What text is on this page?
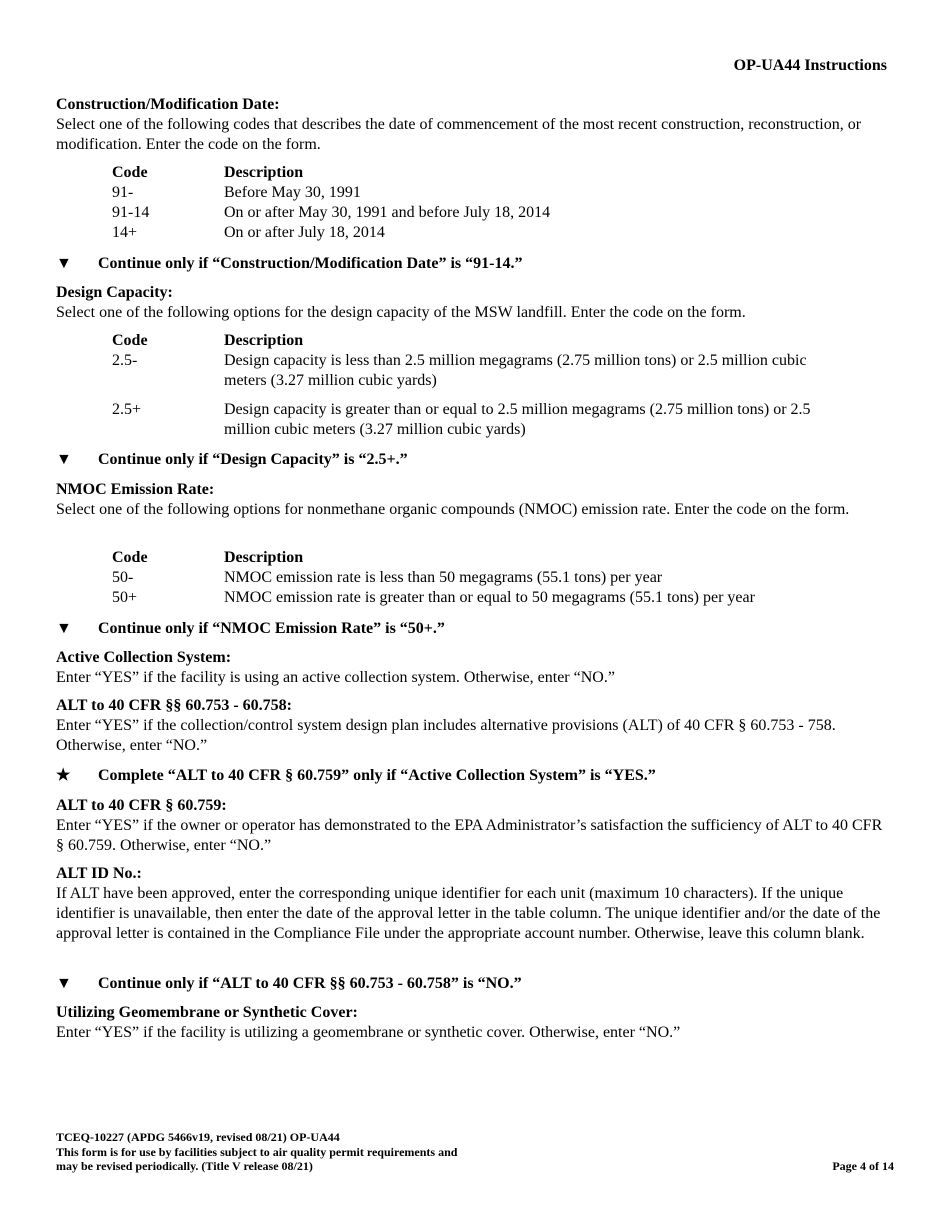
OP-UA44 Instructions
Construction/Modification Date:
Select one of the following codes that describes the date of commencement of the most recent construction, reconstruction, or modification. Enter the code on the form.
Code	Description
91-	Before May 30, 1991
91-14	On or after May 30, 1991 and before July 18, 2014
14+	On or after July 18, 2014
▼	Continue only if “Construction/Modification Date” is “91-14.”
Design Capacity:
Select one of the following options for the design capacity of the MSW landfill. Enter the code on the form.
Code	Description
2.5-	Design capacity is less than 2.5 million megagrams (2.75 million tons) or 2.5 million cubic meters (3.27 million cubic yards)
2.5+	Design capacity is greater than or equal to 2.5 million megagrams (2.75 million tons) or 2.5 million cubic meters (3.27 million cubic yards)
▼	Continue only if “Design Capacity” is “2.5+.”
NMOC Emission Rate:
Select one of the following options for nonmethane organic compounds (NMOC) emission rate. Enter the code on the form.
Code	Description
50-	NMOC emission rate is less than 50 megagrams (55.1 tons) per year
50+	NMOC emission rate is greater than or equal to 50 megagrams (55.1 tons) per year
▼	Continue only if “NMOC Emission Rate” is “50+.”
Active Collection System:
Enter “YES” if the facility is using an active collection system. Otherwise, enter “NO.”
ALT to 40 CFR §§ 60.753 - 60.758:
Enter “YES” if the collection/control system design plan includes alternative provisions (ALT) of 40 CFR § 60.753 - 758. Otherwise, enter “NO.”
★	Complete “ALT to 40 CFR § 60.759” only if “Active Collection System” is “YES.”
ALT to 40 CFR § 60.759:
Enter “YES” if the owner or operator has demonstrated to the EPA Administrator’s satisfaction the sufficiency of ALT to 40 CFR § 60.759. Otherwise, enter “NO.”
ALT ID No.:
If ALT have been approved, enter the corresponding unique identifier for each unit (maximum 10 characters). If the unique identifier is unavailable, then enter the date of the approval letter in the table column. The unique identifier and/or the date of the approval letter is contained in the Compliance File under the appropriate account number. Otherwise, leave this column blank.
▼	Continue only if “ALT to 40 CFR §§ 60.753 - 60.758” is “NO.”
Utilizing Geomembrane or Synthetic Cover:
Enter “YES” if the facility is utilizing a geomembrane or synthetic cover. Otherwise, enter “NO.”
TCEQ-10227 (APDG 5466v19, revised 08/21) OP-UA44
This form is for use by facilities subject to air quality permit requirements and
may be revised periodically. (Title V release 08/21)	Page 4 of 14
